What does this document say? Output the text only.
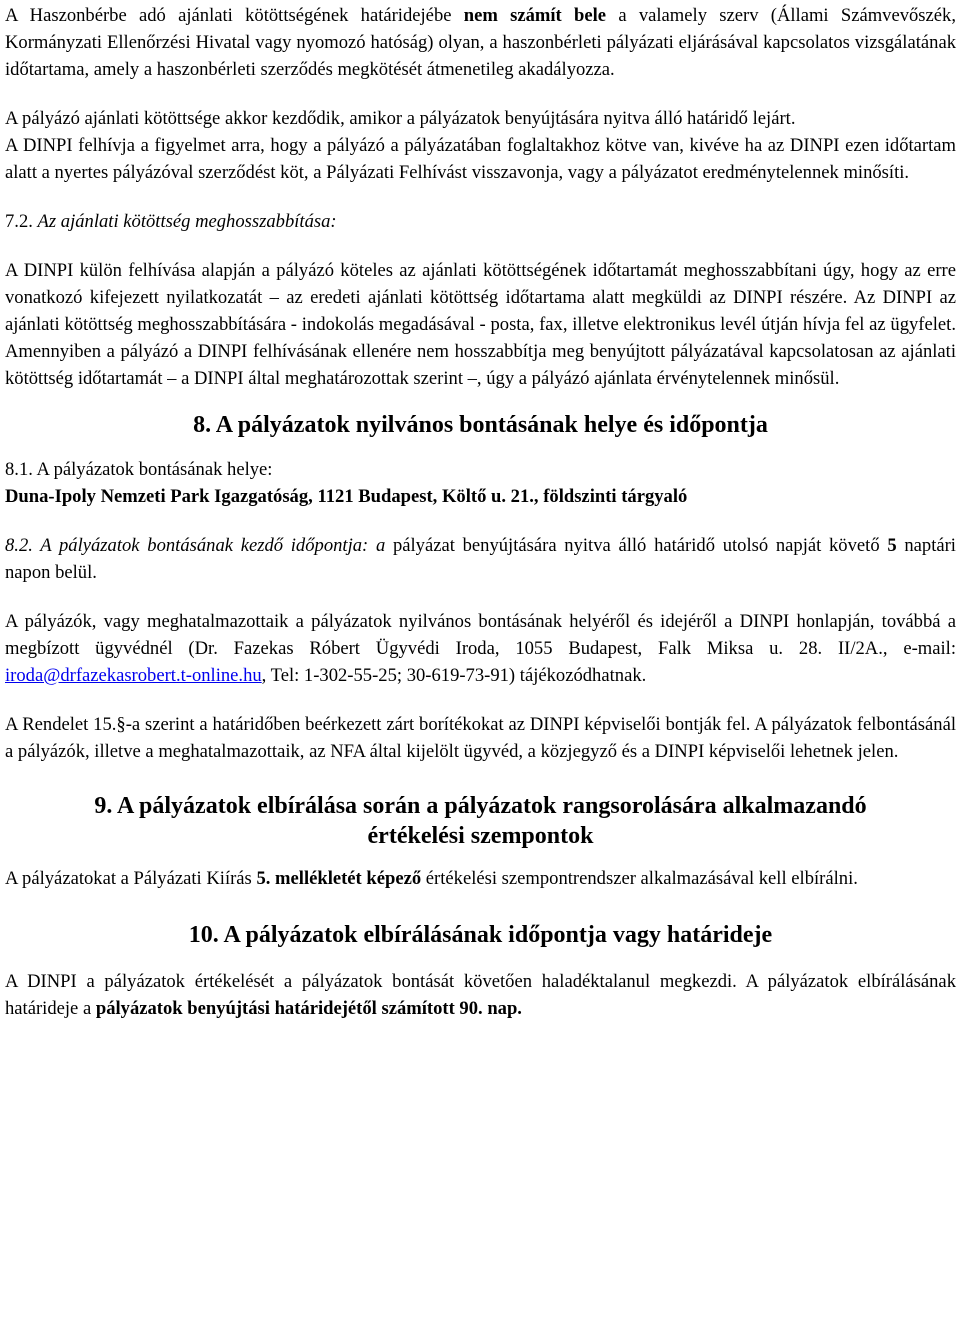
A Haszonbérbe adó ajánlati kötöttségének határidejébe nem számít bele a valamely szerv (Állami Számvevőszék, Kormányzati Ellenőrzési Hivatal vagy nyomozó hatóság) olyan, a haszonbérleti pályázati eljárásával kapcsolatos vizsgálatának időtartama, amely a haszonbérleti szerződés megkötését átmenetileg akadályozza.

A pályázó ajánlati kötöttsége akkor kezdődik, amikor a pályázatok benyújtására nyitva álló határidő lejárt.

A DINPI felhívja a figyelmet arra, hogy a pályázó a pályázatában foglaltakhoz kötve van, kivéve ha az DINPI ezen időtartam alatt a nyertes pályázóval szerződést köt, a Pályázati Felhívást visszavonja, vagy a pályázatot eredménytelennek minősíti.

7.2. Az ajánlati kötöttség meghosszabbítása:

A DINPI külön felhívása alapján a pályázó köteles az ajánlati kötöttségének időtartamát meghosszabbítani úgy, hogy az erre vonatkozó kifejezett nyilatkozatát – az eredeti ajánlati kötöttség időtartama alatt megküldi az DINPI részére. Az DINPI az ajánlati kötöttség meghosszabbítására - indokolás megadásával - posta, fax, illetve elektronikus levél útján hívja fel az ügyfelet. Amennyiben a pályázó a DINPI felhívásának ellenére nem hosszabbítja meg benyújtott pályázatával kapcsolatosan az ajánlati kötöttség időtartamát – a DINPI által meghatározottak szerint –, úgy a pályázó ajánlata érvénytelennek minősül.

8. A pályázatok nyilvános bontásának helye és időpontja

8.1. A pályázatok bontásának helye:

Duna-Ipoly Nemzeti Park Igazgatóság, 1121 Budapest, Költő u. 21., földszinti tárgyaló

8.2. A pályázatok bontásának kezdő időpontja: a pályázat benyújtására nyitva álló határidő utolsó napját követő 5 naptári napon belül.

A pályázók, vagy meghatalmazottaik a pályázatok nyilvános bontásának helyéről és idejéről a DINPI honlapján, továbbá a megbízott ügyvédnél (Dr. Fazekas Róbert Ügyvédi Iroda, 1055 Budapest, Falk Miksa u. 28. II/2A., e-mail: iroda@drfazekasrobert.t-online.hu, Tel: 1-302-55-25; 30-619-73-91) tájékozódhatnak.

A Rendelet 15.§-a szerint a határidőben beérkezett zárt borítékokat az DINPI képviselői bontják fel. A pályázatok felbontásánál a pályázók, illetve a meghatalmazottaik, az NFA által kijelölt ügyvéd, a közjegyző és a DINPI képviselői lehetnek jelen.

9. A pályázatok elbírálása során a pályázatok rangsorolására alkalmazandó
értékelési szempontok

A pályázatokat a Pályázati Kiírás 5. mellékletét képező értékelési szempontrendszer alkalmazásával kell elbírálni.

10. A pályázatok elbírálásának időpontja vagy határideje

A DINPI a pályázatok értékelését a pályázatok bontását követően haladéktalanul megkezdi. A pályázatok elbírálásának határideje a pályázatok benyújtási határidejétől számított 90. nap.
